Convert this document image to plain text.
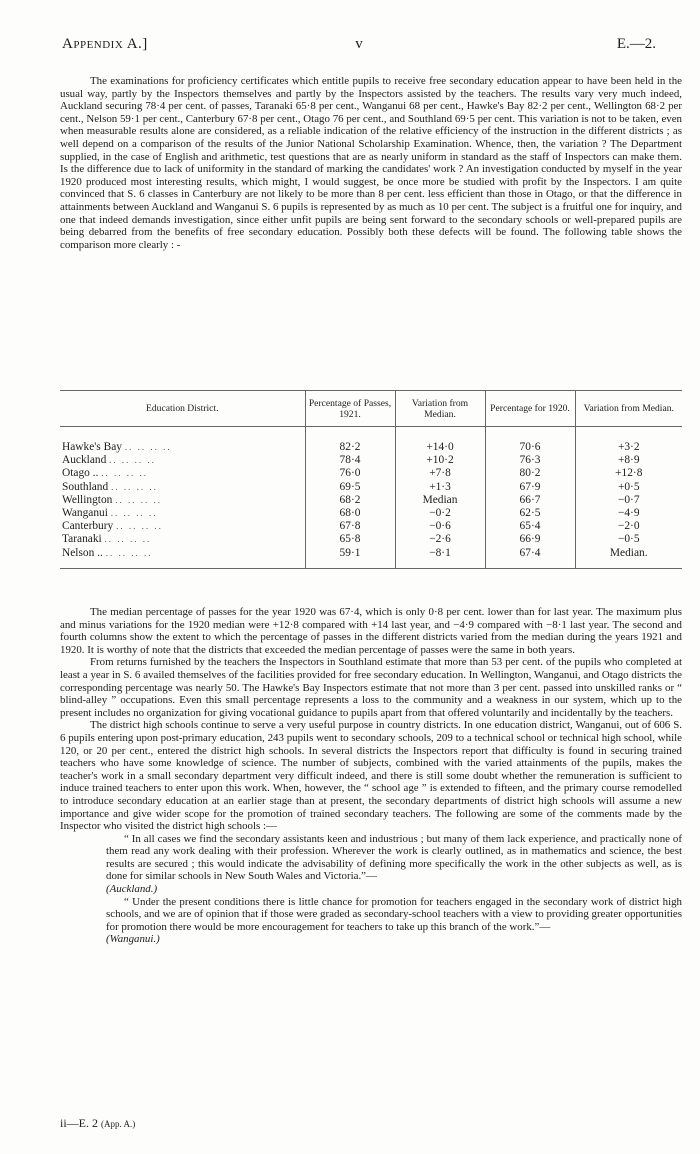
Appendix A.]	v	E.—2.

The examinations for proficiency certificates which entitle pupils to receive free secondary education appear to have been held in the usual way, partly by the Inspectors themselves and partly by the Inspectors assisted by the teachers. The results vary very much indeed, Auckland securing 78·4 per cent. of passes, Taranaki 65·8 per cent., Wanganui 68 per cent., Hawke's Bay 82·2 per cent., Wellington 68·2 per cent., Nelson 59·1 per cent., Canterbury 67·8 per cent., Otago 76 per cent., and Southland 69·5 per cent. This variation is not to be taken, even when measurable results alone are considered, as a reliable indication of the relative efficiency of the instruction in the different districts ; as well depend on a comparison of the results of the Junior National Scholarship Examination. Whence, then, the variation ? The Department supplied, in the case of English and arithmetic, test questions that are as nearly uniform in standard as the staff of Inspectors can make them. Is the difference due to lack of uniformity in the standard of marking the candidates' work ? An investigation conducted by myself in the year 1920 produced most interesting results, which might, I would suggest, be once more be studied with profit by the Inspectors. I am quite convinced that S. 6 classes in Canterbury are not likely to be more than 8 per cent. less efficient than those in Otago, or that the difference in attainments between Auckland and Wanganui S. 6 pupils is represented by as much as 10 per cent. The subject is a fruitful one for inquiry, and one that indeed demands investigation, since either unfit pupils are being sent forward to the secondary schools or well-prepared pupils are being debarred from the benefits of free secondary education. Possibly both these defects will be found. The following table shows the comparison more clearly : -

Education District.	Percentage of Passes, 1921.	Variation from Median.	Percentage for 1920.	Variation from Median.

Hawke's Bay .. .. .. ..	82·2	+14·0	70·6	+3·2
Auckland .. .. .. ..	78·4	+10·2	76·3	+8·9
Otago .. .. .. .. ..	76·0	+7·8	80·2	+12·8
Southland .. .. .. ..	69·5	+1·3	67·9	+0·5
Wellington .. .. .. ..	68·2	Median	66·7	−0·7
Wanganui .. .. .. ..	68·0	−0·2	62·5	−4·9
Canterbury .. .. .. ..	67·8	−0·6	65·4	−2·0
Taranaki .. .. .. ..	65·8	−2·6	66·9	−0·5
Nelson .. .. .. .. ..	59·1	−8·1	67·4	Median.

The median percentage of passes for the year 1920 was 67·4, which is only 0·8 per cent. lower than for last year. The maximum plus and minus variations for the 1920 median were +12·8 compared with +14 last year, and −4·9 compared with −8·1 last year. The second and fourth columns show the extent to which the percentage of passes in the different districts varied from the median during the years 1921 and 1920. It is worthy of note that the districts that exceeded the median percentage of passes were the same in both years.

From returns furnished by the teachers the Inspectors in Southland estimate that more than 53 per cent. of the pupils who completed at least a year in S. 6 availed themselves of the facilities provided for free secondary education. In Wellington, Wanganui, and Otago districts the corresponding percentage was nearly 50. The Hawke's Bay Inspectors estimate that not more than 3 per cent. passed into unskilled ranks or “ blind-alley ” occupations. Even this small percentage represents a loss to the community and a weakness in our system, which up to the present includes no organization for giving vocational guidance to pupils apart from that offered voluntarily and incidentally by the teachers.

The district high schools continue to serve a very useful purpose in country districts. In one education district, Wanganui, out of 606 S. 6 pupils entering upon post-primary education, 243 pupils went to secondary schools, 209 to a technical school or technical high school, while 120, or 20 per cent., entered the district high schools. In several districts the Inspectors report that difficulty is found in securing trained teachers who have some knowledge of science. The number of subjects, combined with the varied attainments of the pupils, makes the teacher's work in a small secondary department very difficult indeed, and there is still some doubt whether the remuneration is sufficient to induce trained teachers to enter upon this work. When, however, the “ school age ” is extended to fifteen, and the primary course remodelled to introduce secondary education at an earlier stage than at present, the secondary departments of district high schools will assume a new importance and give wider scope for the promotion of trained secondary teachers. The following are some of the comments made by the Inspector who visited the district high schools :—

“ In all cases we find the secondary assistants keen and industrious ; but many of them lack experience, and practically none of them read any work dealing with their profession. Wherever the work is clearly outlined, as in mathematics and science, the best results are secured ; this would indicate the advisability of defining more specifically the work in the other subjects as well, as is done for similar schools in New South Wales and Victoria.”—
(Auckland.)

“ Under the present conditions there is little chance for promotion for teachers engaged in the secondary work of district high schools, and we are of opinion that if those were graded as secondary-school teachers with a view to providing greater opportunities for promotion there would be more encouragement for teachers to take up this branch of the work.”—
(Wanganui.)

ii—E. 2 (App. A.)
